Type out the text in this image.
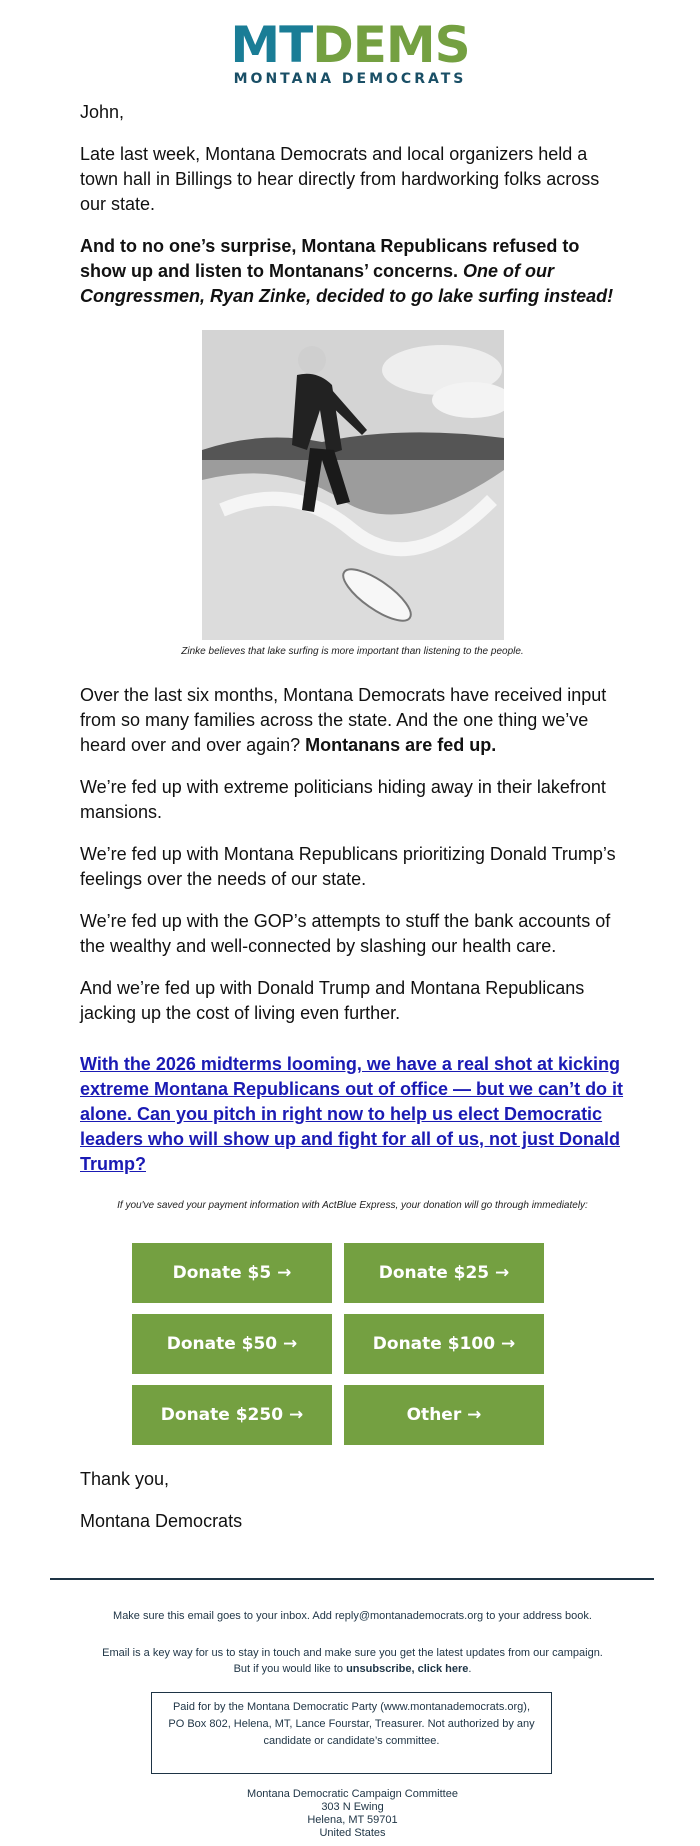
MTDEMS
MONTANA DEMOCRATS

John,

Late last week, Montana Democrats and local organizers held a town hall in Billings to hear directly from hardworking folks across our state.

And to no one’s surprise, Montana Republicans refused to show up and listen to Montanans’ concerns. One of our Congressmen, Ryan Zinke, decided to go lake surfing instead!

Zinke believes that lake surfing is more important than listening to the people.

Over the last six months, Montana Democrats have received input from so many families across the state. And the one thing we’ve heard over and over again? Montanans are fed up.

We’re fed up with extreme politicians hiding away in their lakefront mansions.

We’re fed up with Montana Republicans prioritizing Donald Trump’s feelings over the needs of our state.

We’re fed up with the GOP’s attempts to stuff the bank accounts of the wealthy and well-connected by slashing our health care.

And we’re fed up with Donald Trump and Montana Republicans jacking up the cost of living even further.

With the 2026 midterms looming, we have a real shot at kicking extreme Montana Republicans out of office — but we can’t do it alone. Can you pitch in right now to help us elect Democratic leaders who will show up and fight for all of us, not just Donald Trump?
If you've saved your payment information with ActBlue Express, your donation will go through immediately:
Donate $5 →	Donate $25 →
Donate $50 →	Donate $100 →
Donate $250 →	Other →

Thank you,

Montana Democrats

Make sure this email goes to your inbox. Add reply@montanademocrats.org to your address book.
Email is a key way for us to stay in touch and make sure you get the latest updates from our campaign.
But if you would like to unsubscribe, click here.
Paid for by the Montana Democratic Party (www.montanademocrats.org), PO Box 802, Helena, MT, Lance Fourstar, Treasurer. Not authorized by any candidate or candidate’s committee.
Montana Democratic Campaign Committee
303 N Ewing
Helena, MT 59701
United States
